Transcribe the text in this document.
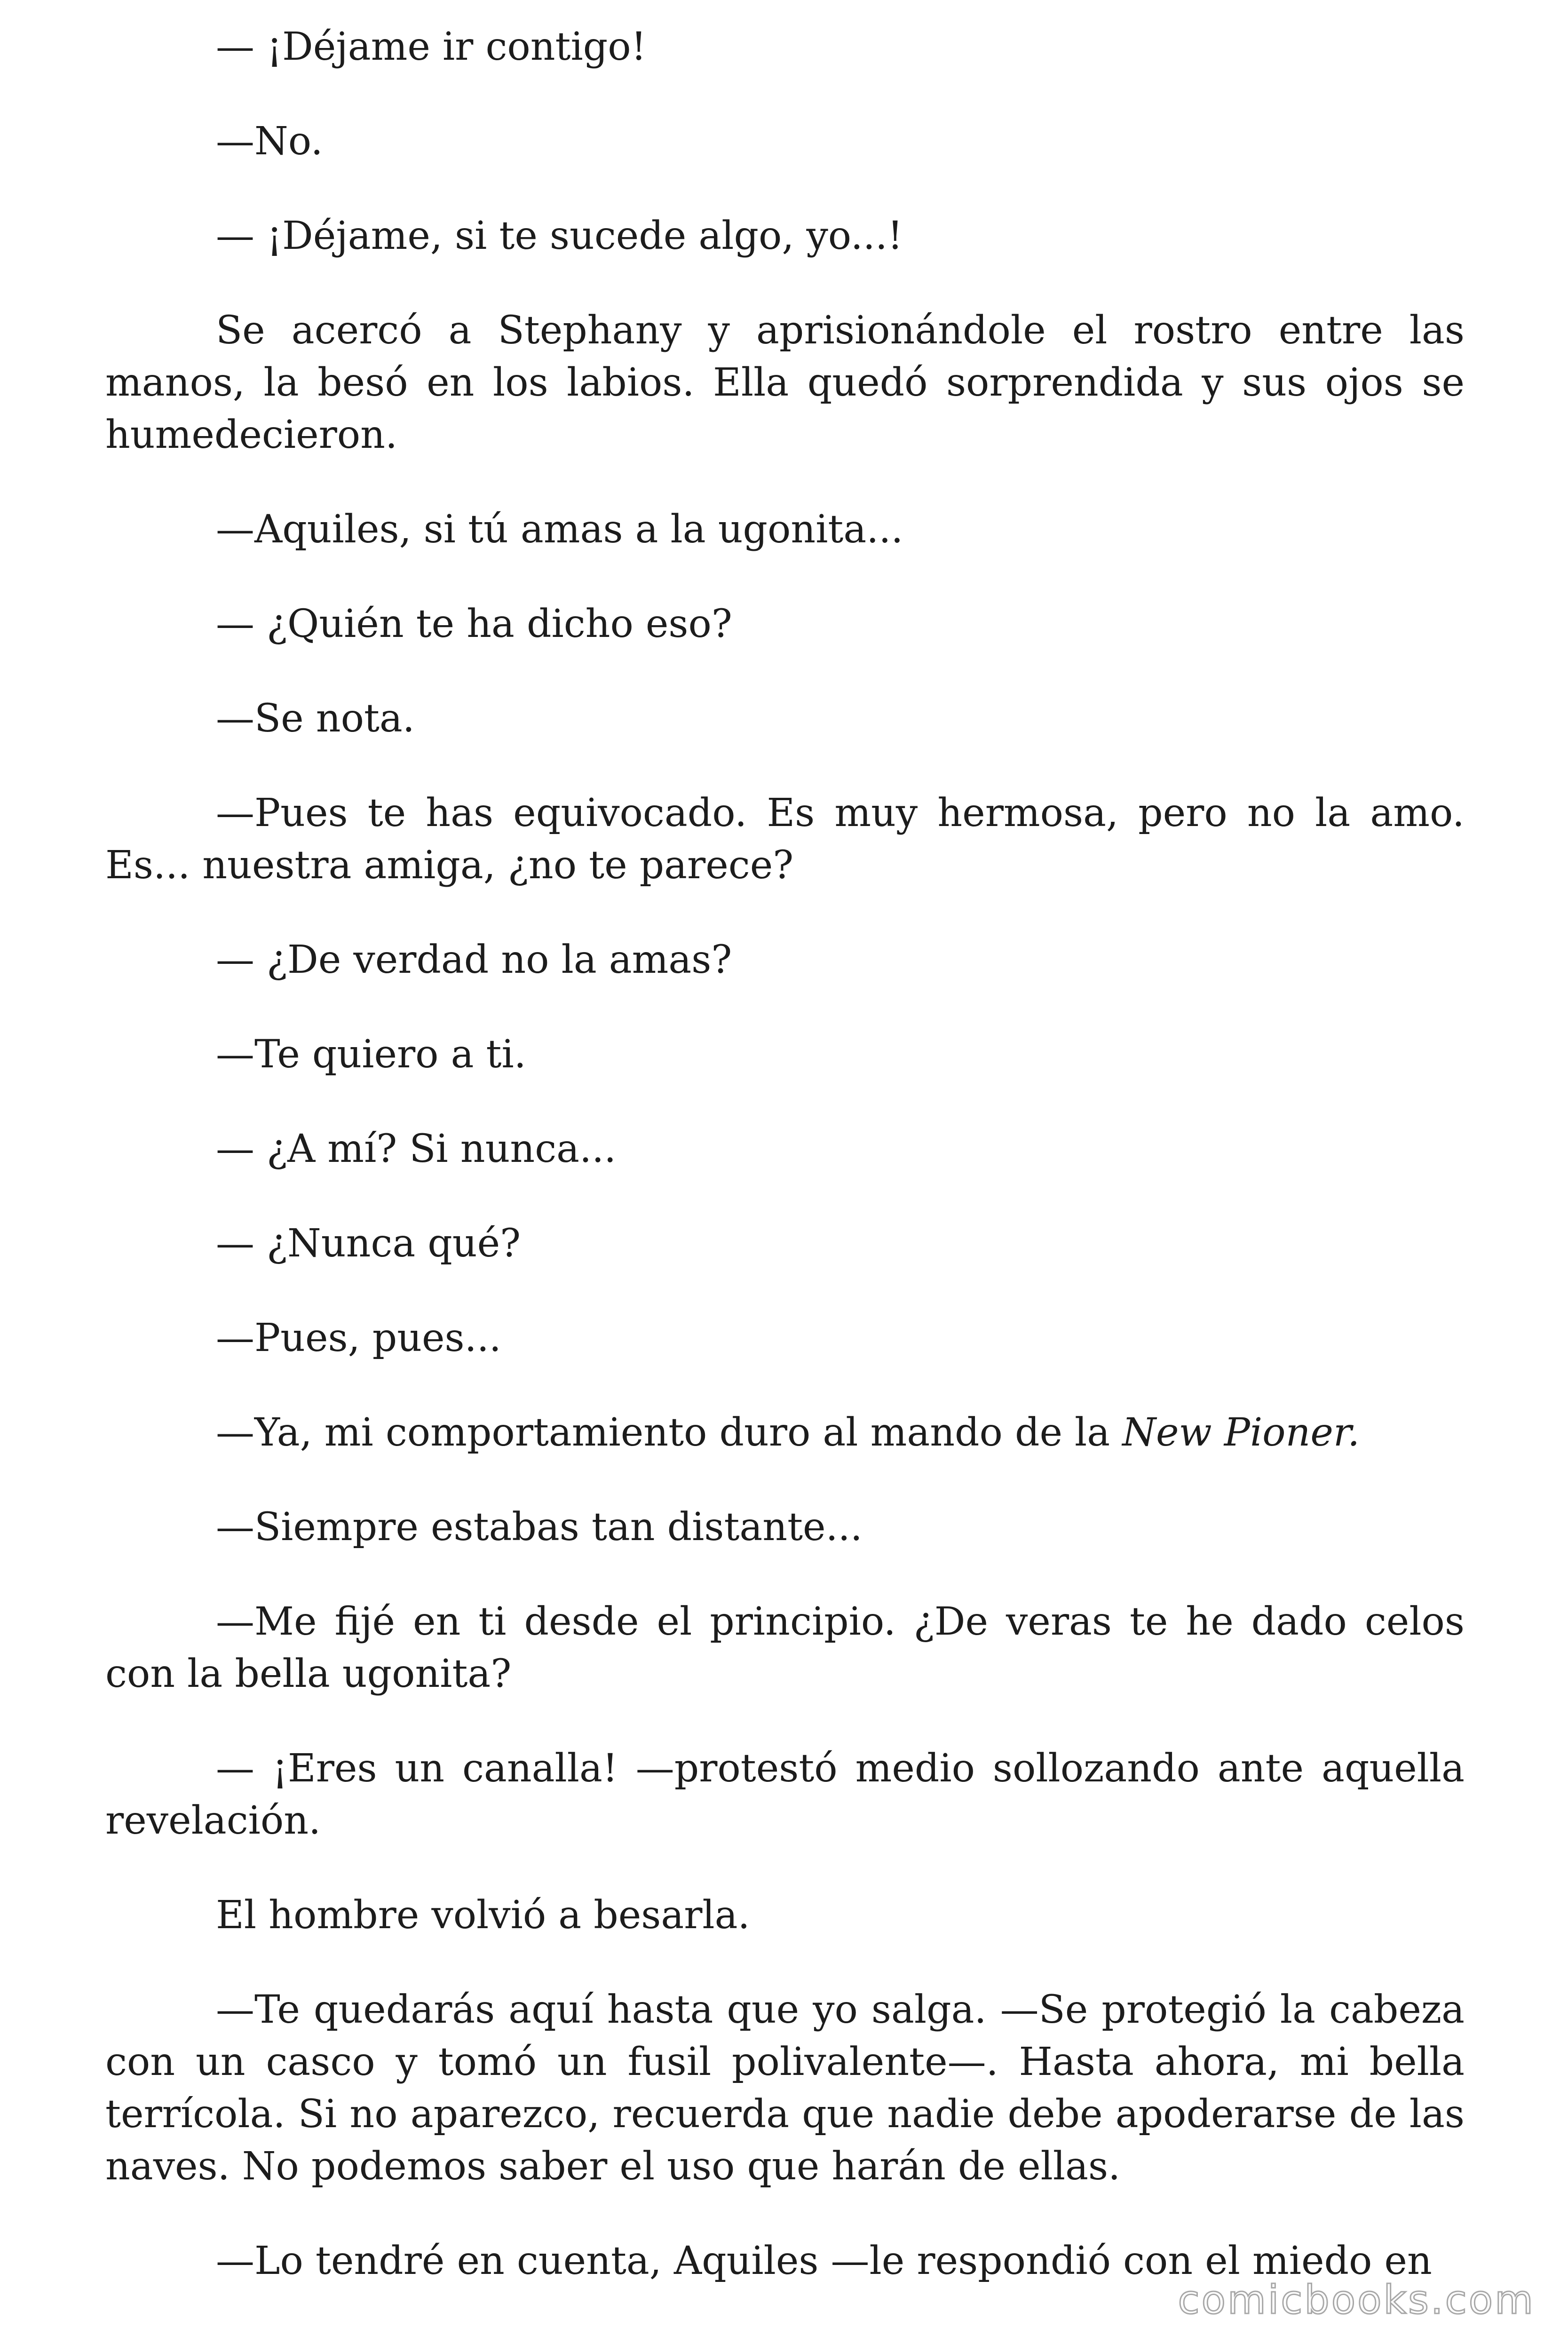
— ¡Déjame ir contigo!

—No.

— ¡Déjame, si te sucede algo, yo...!

Se acercó a Stephany y aprisionándole el rostro entre las manos, la besó en los labios. Ella quedó sorprendida y sus ojos se humedecieron.

—Aquiles, si tú amas a la ugonita...

— ¿Quién te ha dicho eso?

—Se nota.

—Pues te has equivocado. Es muy hermosa, pero no la amo. Es... nuestra amiga, ¿no te parece?

— ¿De verdad no la amas?

—Te quiero a ti.

— ¿A mí? Si nunca...

— ¿Nunca qué?

—Pues, pues...

—Ya, mi comportamiento duro al mando de la New Pioner.

—Siempre estabas tan distante...

—Me fijé en ti desde el principio. ¿De veras te he dado celos con la bella ugonita?

— ¡Eres un canalla! —protestó medio sollozando ante aquella revelación.

El hombre volvió a besarla.

—Te quedarás aquí hasta que yo salga. —Se protegió la cabeza con un casco y tomó un fusil polivalente—. Hasta ahora, mi bella terrícola. Si no aparezco, recuerda que nadie debe apoderarse de las naves. No podemos saber el uso que harán de ellas.

—Lo tendré en cuenta, Aquiles —le respondió con el miedo en

comicbooks.com
